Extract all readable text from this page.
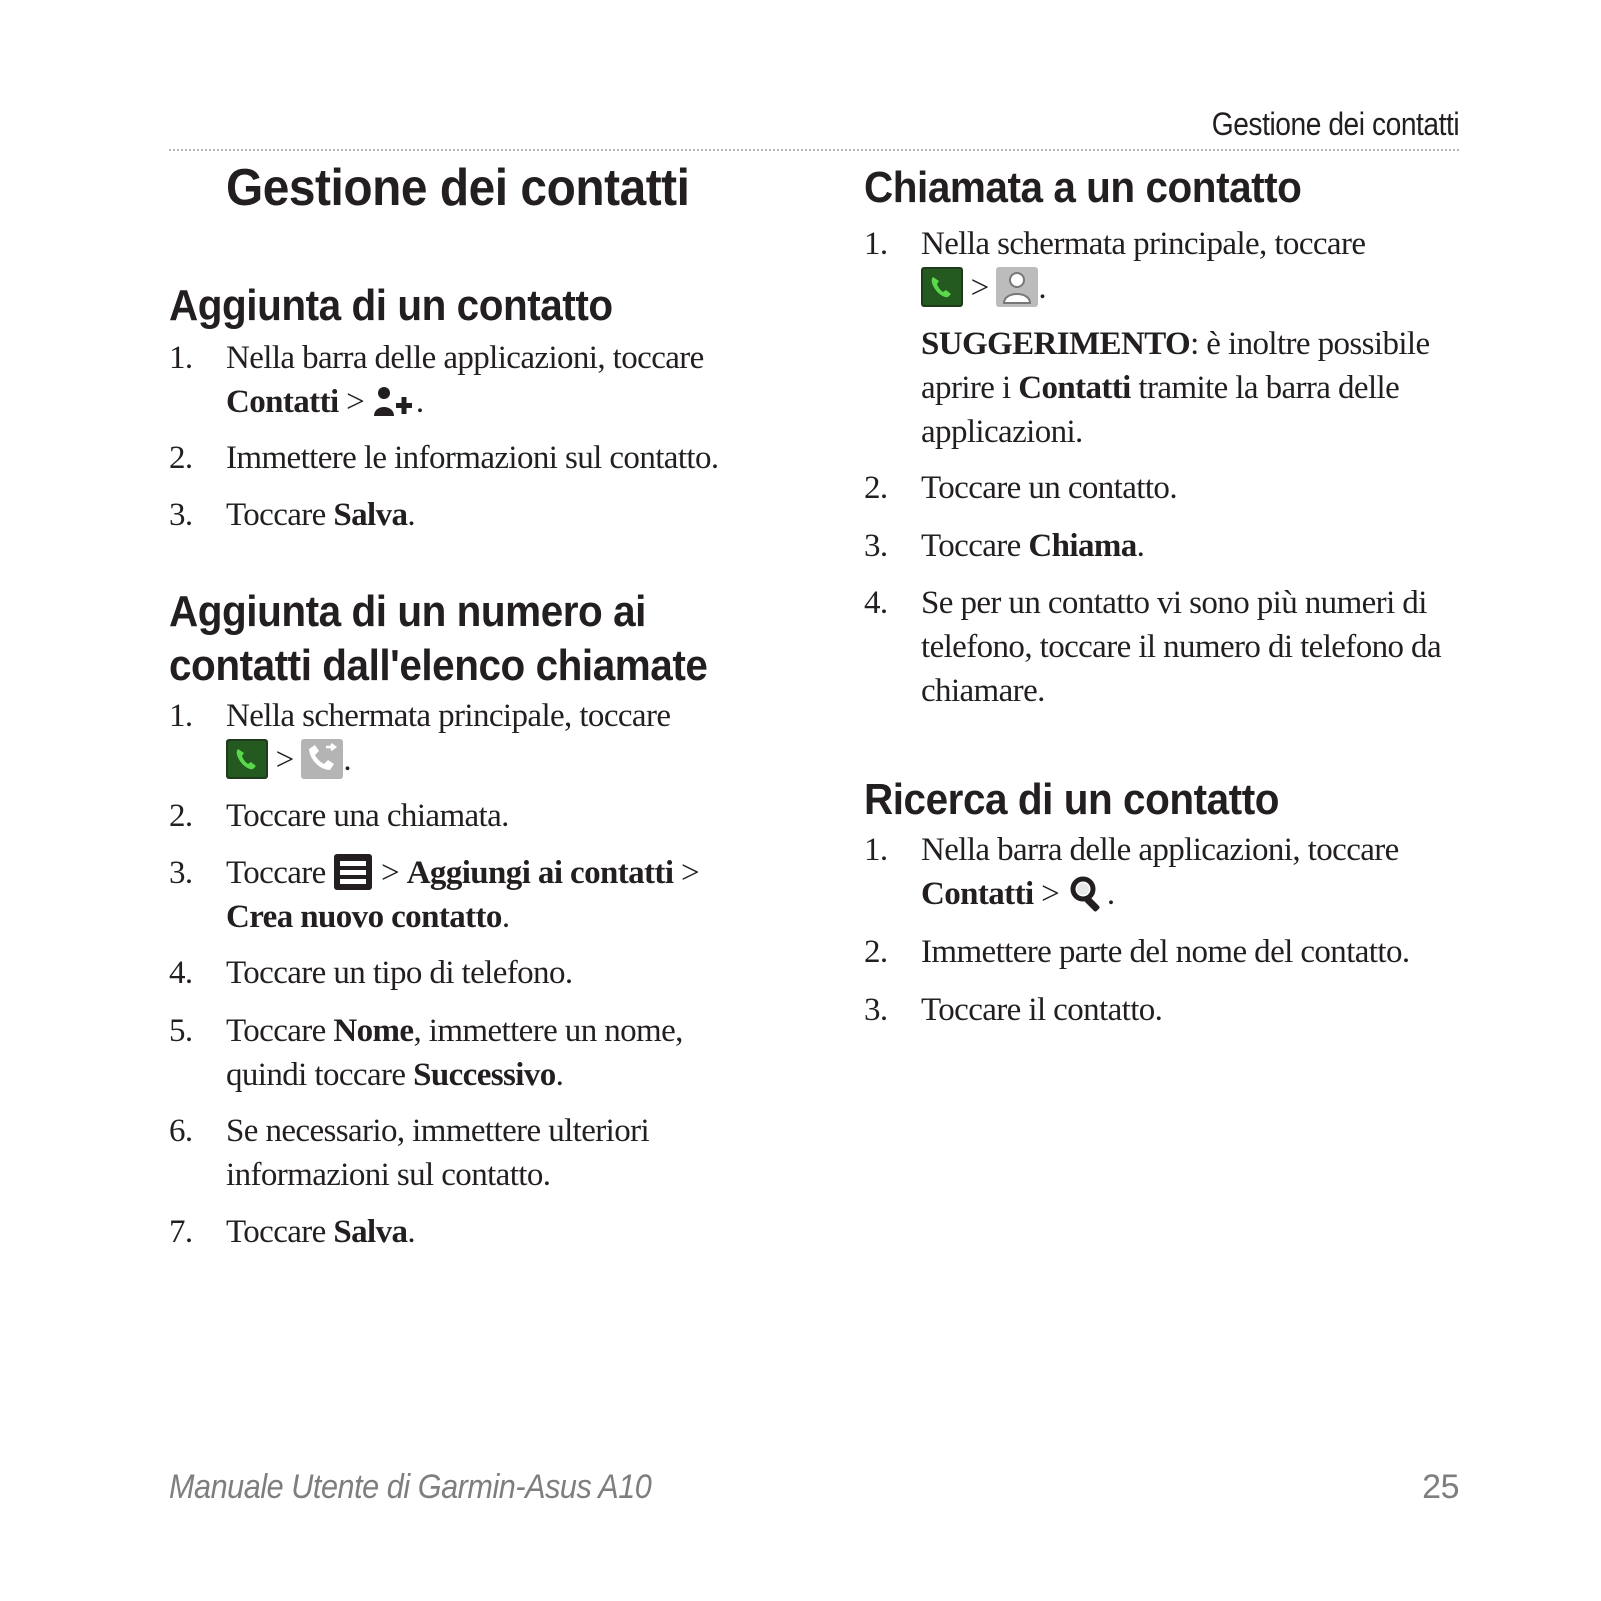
Gestione dei contatti
Gestione dei contatti
Aggiunta di un contatto
1. Nella barra delle applicazioni, toccare
Contatti >
.
2. Immettere le informazioni sul contatto.
3. Toccare Salva.
Aggiunta di un numero ai
contatti dall'elenco chiamate
1. Nella schermata principale, toccare
>
.
2. Toccare una chiamata.
3. Toccare
> Aggiungi ai contatti >
Crea nuovo contatto.
4. Toccare un tipo di telefono.
5. Toccare Nome, immettere un nome,
quindi toccare Successivo.
6. Se necessario, immettere ulteriori
informazioni sul contatto.
7. Toccare Salva.
Chiamata a un contatto
1. Nella schermata principale, toccare
>
.
SUGGERIMENTO: è inoltre possibile
aprire i Contatti tramite la barra delle
applicazioni.
2. Toccare un contatto.
3. Toccare Chiama.
4. Se per un contatto vi sono più numeri di
telefono, toccare il numero di telefono da
chiamare.
Ricerca di un contatto
1. Nella barra delle applicazioni, toccare
Contatti >
.
2. Immettere parte del nome del contatto.
3. Toccare il contatto.
Manuale Utente di Garmin-Asus A10	25
